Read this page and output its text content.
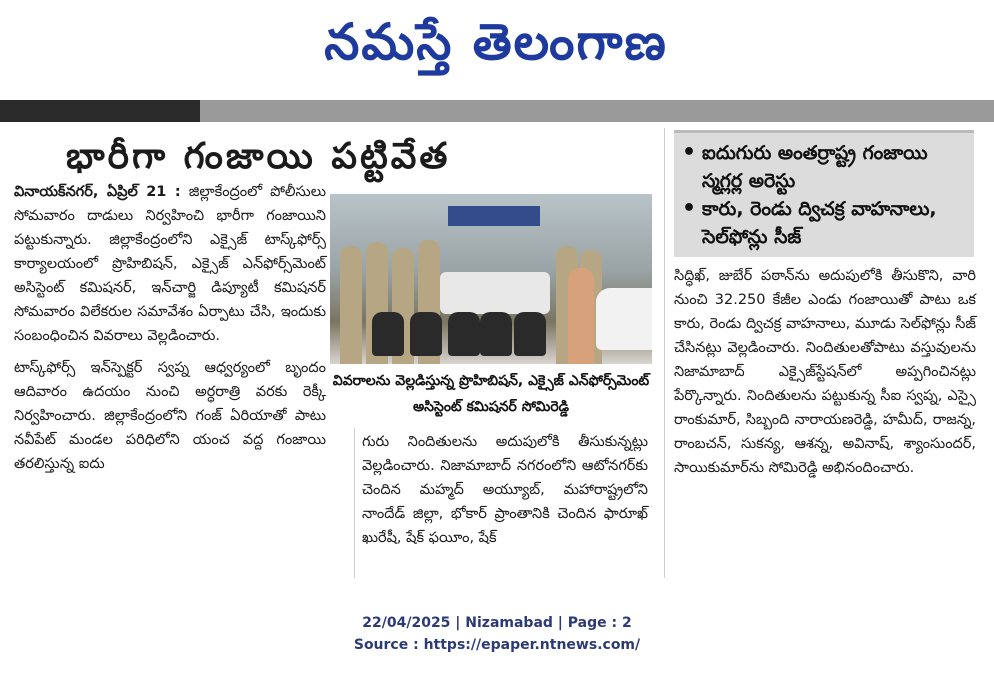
నమస్తే తెలంగాణ
భారీగా గంజాయి పట్టివేత

వినాయక్‌నగర్, ఏప్రిల్ 21 : జిల్లాకేంద్రంలో పోలీసులు సోమవారం దాడులు నిర్వహించి భారీగా గంజాయిని పట్టుకున్నారు. జిల్లాకేంద్రంలోని ఎక్సైజ్ టాస్క్‌ఫోర్స్ కార్యాలయంలో ప్రొహిబిషన్, ఎక్సైజ్ ఎన్‌ఫోర్స్‌మెంట్ అసిస్టెంట్ కమిషనర్, ఇన్‌చార్జి డిప్యూటీ కమిషనర్ సోమవారం విలేకరుల సమావేశం ఏర్పాటు చేసి, ఇందుకు సంబంధించిన వివరాలు వెల్లడించారు.

టాస్క్‌ఫోర్స్ ఇన్‌స్పెక్టర్ స్వప్న ఆధ్వర్యంలో బృందం ఆదివారం ఉదయం నుంచి అర్ధరాత్రి వరకు రెక్కీ నిర్వహించారు. జిల్లాకేంద్రంలోని గంజ్ ఏరియాతో పాటు నవీపేట్ మండల పరిధిలోని యంచ వద్ద గంజాయి తరలిస్తున్న ఐదు

వివరాలను వెల్లడిస్తున్న ప్రొహిబిషన్, ఎక్సైజ్ ఎన్‌ఫోర్స్‌మెంట్ అసిస్టెంట్ కమిషనర్ సోమిరెడ్డి

గురు నిందితులను అదుపులోకి తీసుకున్నట్లు వెల్లడించారు. నిజామాబాద్ నగరంలోని ఆటోనగర్‌కు చెందిన మహ్మద్ అయ్యూబ్, మహారాష్ట్రలోని నాందేడ్ జిల్లా, భోకార్ ప్రాంతానికి చెందిన ఫారూఖ్ ఖురేషీ, షేక్ ఫయీం, షేక్

• ఐదుగురు అంతర్రాష్ట్ర గంజాయి స్మగ్లర్ల అరెస్టు
• కారు, రెండు ద్విచక్ర వాహనాలు, సెల్‌ఫోన్లు సీజ్

సిద్ధిఖ్, జుబేర్ పఠాన్‌ను అదుపులోకి తీసుకొని, వారి నుంచి 32.250 కేజీల ఎండు గంజాయితో పాటు ఒక కారు, రెండు ద్విచక్ర వాహనాలు, మూడు సెల్‌ఫోన్లు సీజ్ చేసినట్లు వెల్లడించారు. నిందితులతోపాటు వస్తువులను నిజామాబాద్ ఎక్సైజ్‌స్టేషన్‌లో అప్పగించినట్లు పేర్కొన్నారు. నిందితులను పట్టుకున్న సీఐ స్వప్న, ఎస్సై రాంకుమార్, సిబ్బంది నారాయణరెడ్డి, హమీద్, రాజన్న, రాంబచన్, సుకన్య, ఆశన్న, అవినాష్, శ్యాంసుందర్, సాయికుమార్‌ను సోమిరెడ్డి అభినందించారు.

22/04/2025 | Nizamabad | Page : 2
Source : https://epaper.ntnews.com/
